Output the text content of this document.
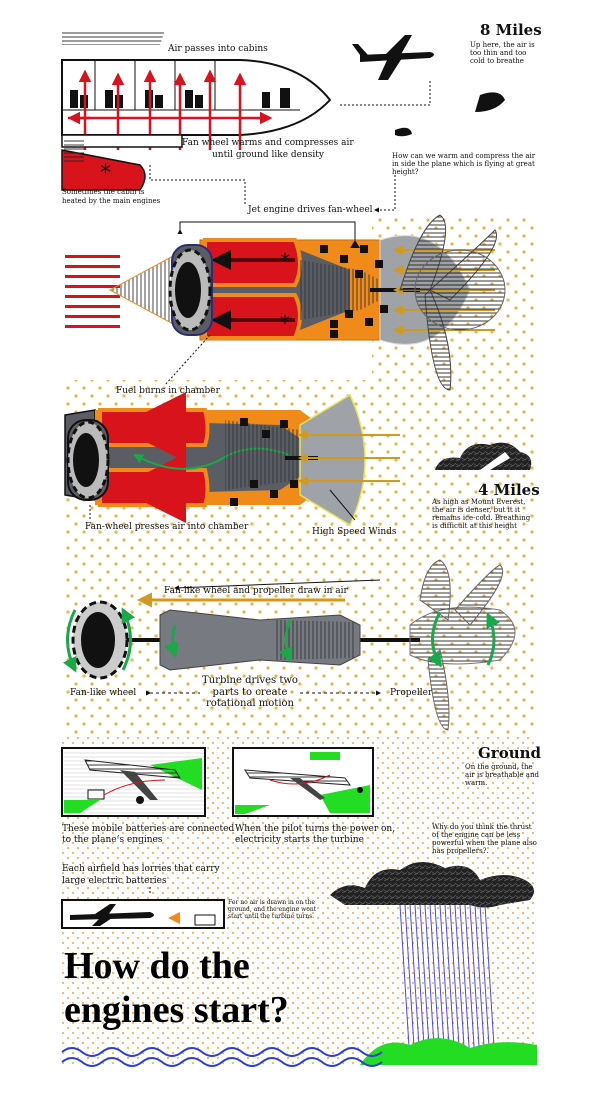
*
*
*
Air passes into cabins
8 Miles
Up here, the air is too thin and too cold to breathe
Fan wheel warms and compresses air
until ground like density	How can we warm and compress the air in side the plane which is flying at great height?
Sometimes the cabin is
heated by the main engines
Jet engine drives fan-wheel
Fuel burns in chamber
4 Miles
As high as Mount Everest, the air is denser, but it it remains ice-cold. Breathing is difficult at this height
Fan-wheel presses air into chamber	High Speed Winds
Fan-like wheel and propeller draw in air
Fan-like wheel
Turbine drives two
parts to create
rotational motion
Propeller
Ground
On the ground, the air is breathable and warm.
These mobile batteries are connected
to the plane’s engines
When the pilot turns the power on,
electricity starts the turbine
Why do you think the thrust of the engine can be less powerful when the plane also has propellers?.
Each airfield has lorries that carry
large electric batteries
For no air is drawn in on the ground, and the engine wont start until the turbine turns.
How do the engines start?
